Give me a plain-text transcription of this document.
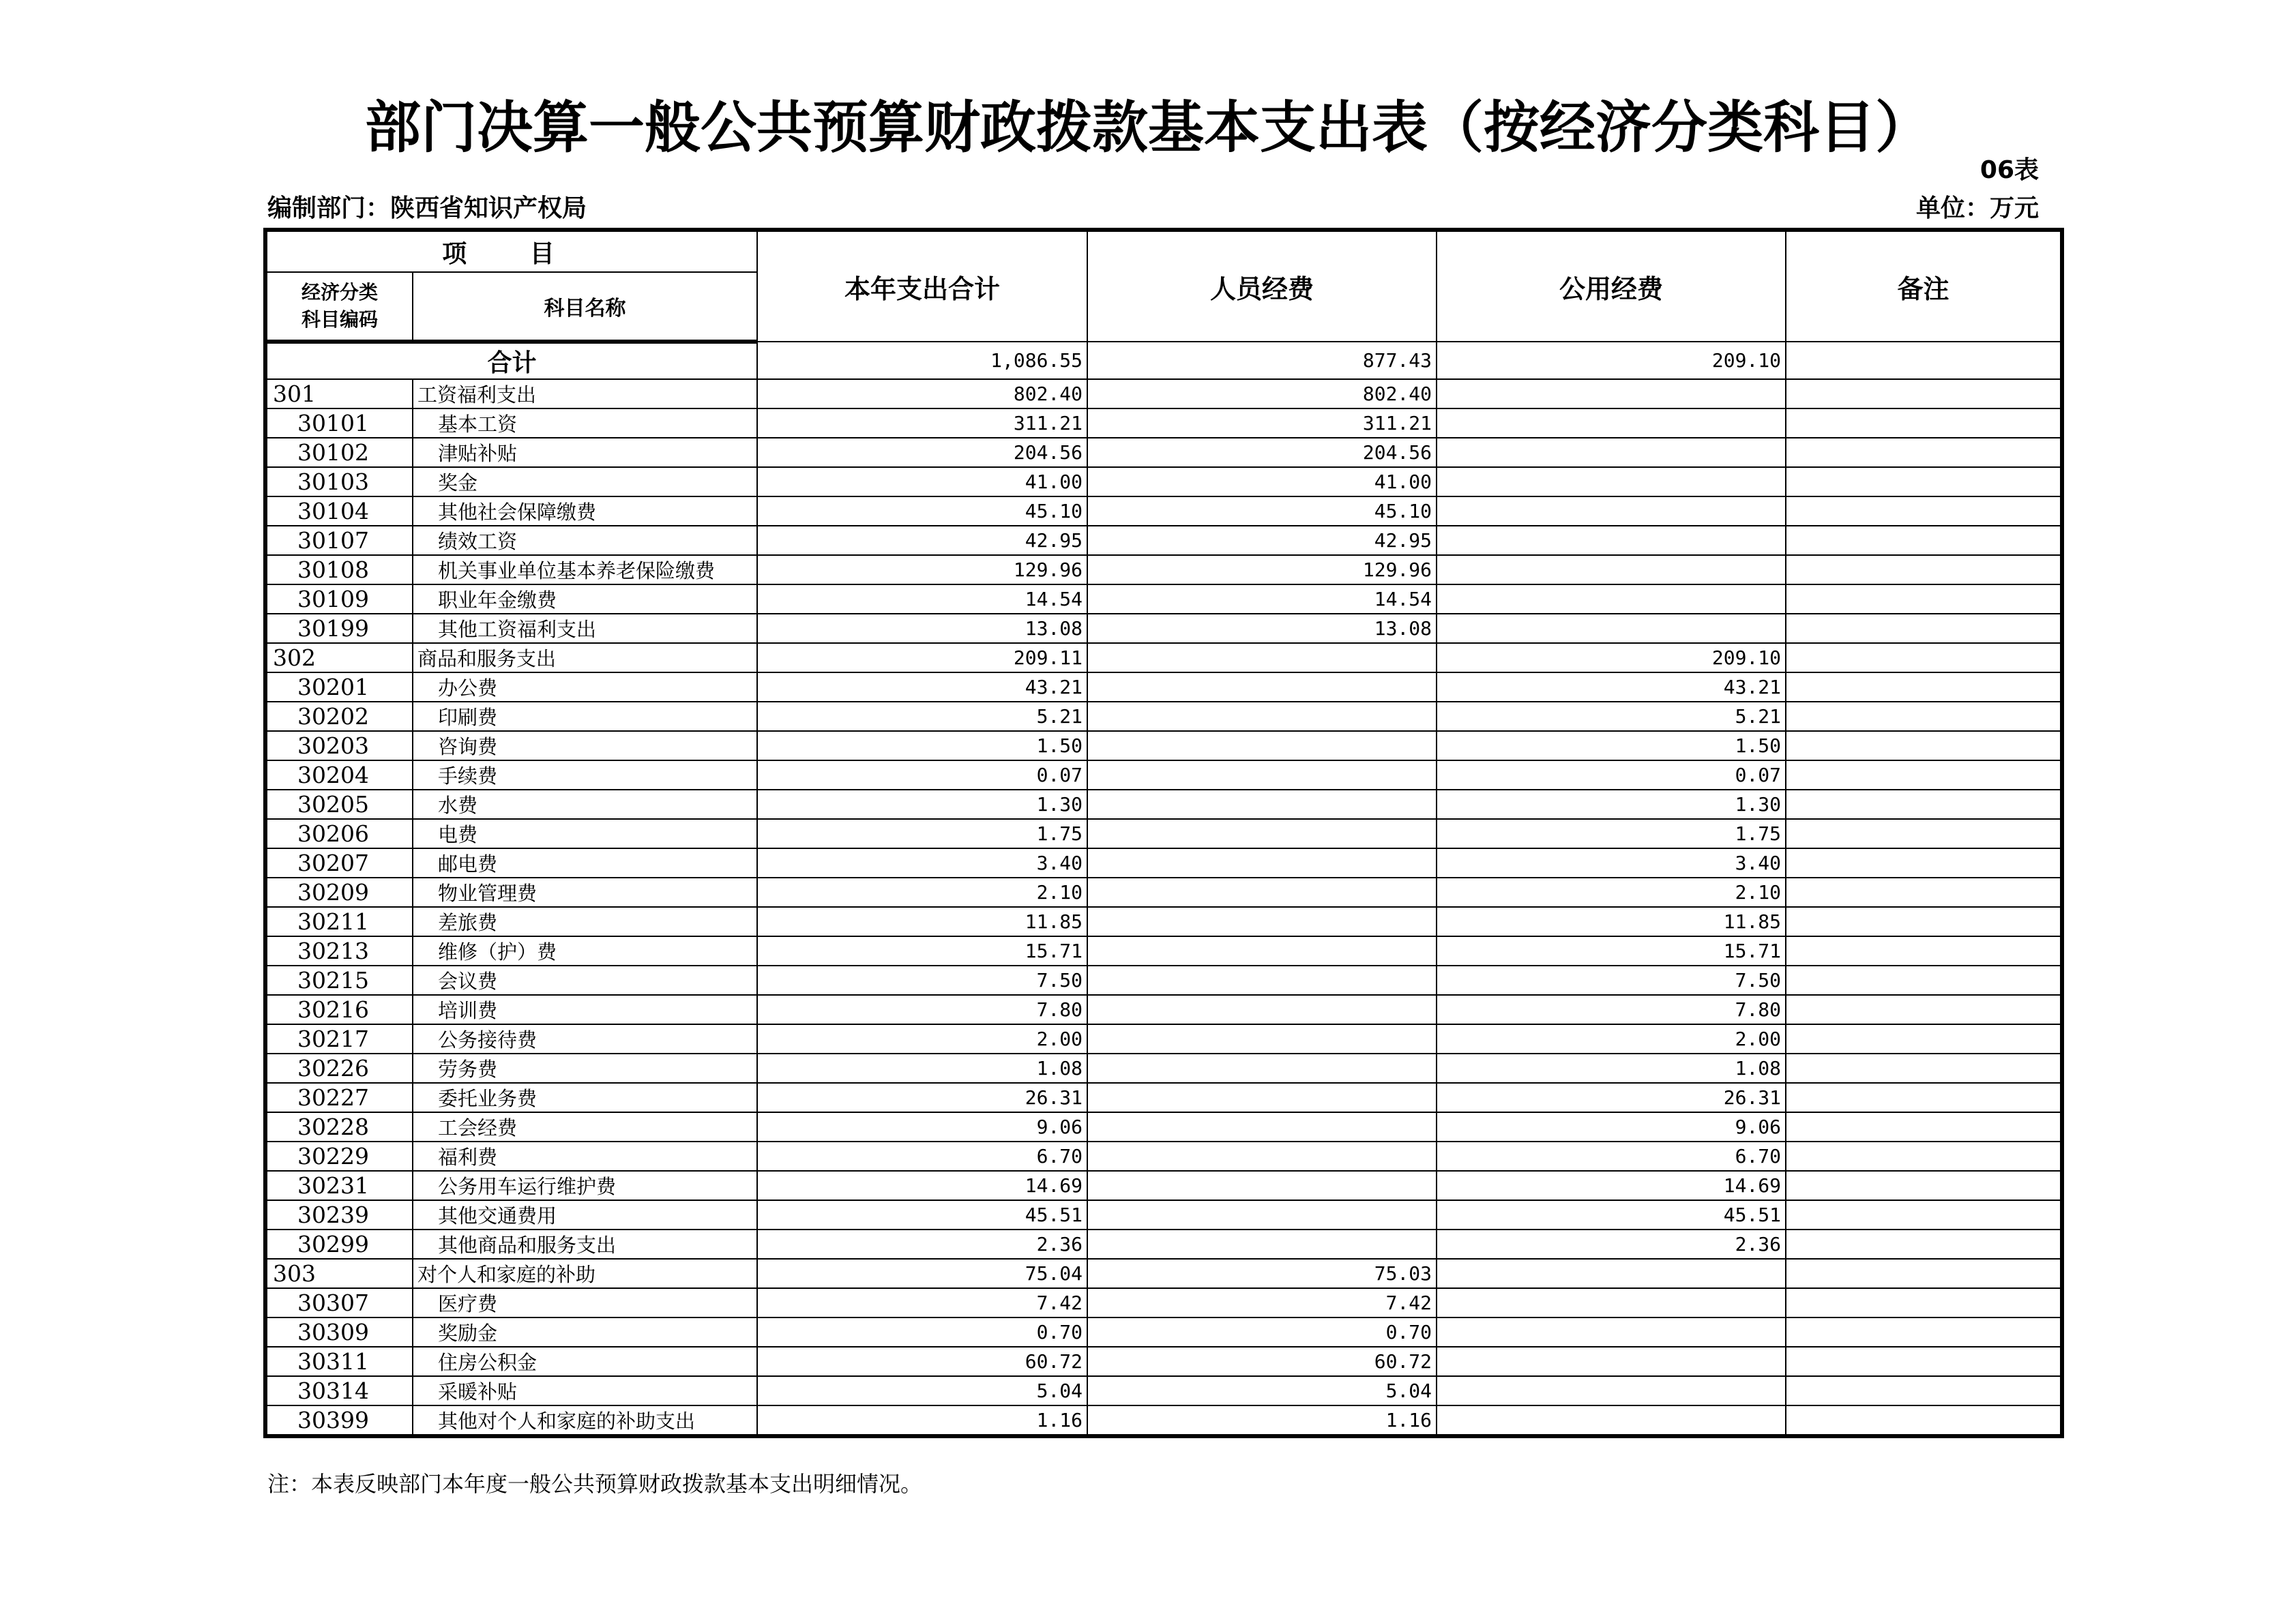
部门决算一般公共预算财政拨款基本支出表（按经济分类科目）
06表
编制部门：陕西省知识产权局	单位：万元
项 目		本年支出合计	人员经费	公用经费	备注

经济分类
科目编码	科目名称				
合计		1,086.55	877.43	209.10	
301	工资福利支出	802.40	802.40		
30101	基本工资	311.21	311.21		
30102	津贴补贴	204.56	204.56		
30103	奖金	41.00	41.00		
30104	其他社会保障缴费	45.10	45.10		
30107	绩效工资	42.95	42.95		
30108	机关事业单位基本养老保险缴费	129.96	129.96		
30109	职业年金缴费	14.54	14.54		
30199	其他工资福利支出	13.08	13.08		
302	商品和服务支出	209.11		209.10	
30201	办公费	43.21		43.21	
30202	印刷费	5.21		5.21	
30203	咨询费	1.50		1.50	
30204	手续费	0.07		0.07	
30205	水费	1.30		1.30	
30206	电费	1.75		1.75	
30207	邮电费	3.40		3.40	
30209	物业管理费	2.10		2.10	
30211	差旅费	11.85		11.85	
30213	维修（护）费	15.71		15.71	
30215	会议费	7.50		7.50	
30216	培训费	7.80		7.80	
30217	公务接待费	2.00		2.00	
30226	劳务费	1.08		1.08	
30227	委托业务费	26.31		26.31	
30228	工会经费	9.06		9.06	
30229	福利费	6.70		6.70	
30231	公务用车运行维护费	14.69		14.69	
30239	其他交通费用	45.51		45.51	
30299	其他商品和服务支出	2.36		2.36	
303	对个人和家庭的补助	75.04	75.03		
30307	医疗费	7.42	7.42		
30309	奖励金	0.70	0.70		
30311	住房公积金	60.72	60.72		
30314	采暖补贴	5.04	5.04		
30399	其他对个人和家庭的补助支出	1.16	1.16		
注：本表反映部门本年度一般公共预算财政拨款基本支出明细情况。
